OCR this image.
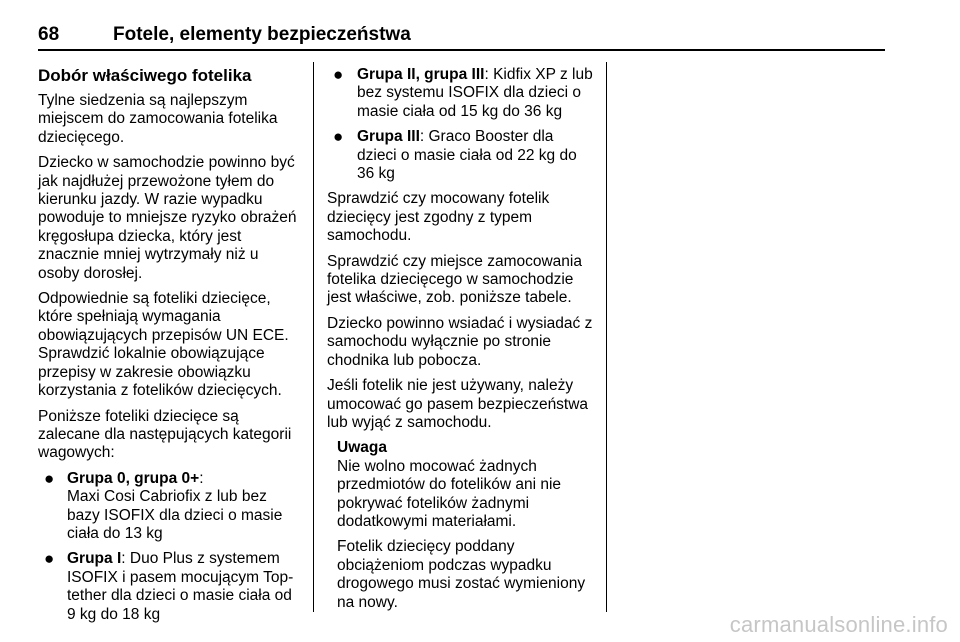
68	Fotele, elementy bezpieczeństwa
Dobór właściwego fotelika

Tylne siedzenia są najlepszym miejscem do zamocowania fotelika dziecięcego.

Dziecko w samochodzie powinno być jak najdłużej przewożone tyłem do kierunku jazdy. W razie wypadku powoduje to mniejsze ryzyko obrażeń kręgosłupa dziecka, który jest znacznie mniej wytrzymały niż u osoby dorosłej.

Odpowiednie są foteliki dziecięce, które spełniają wymagania obowiązujących przepisów UN ECE. Sprawdzić lokalnie obowiązujące przepisy w zakresie obowiązku korzystania z fotelików dziecięcych.

Poniższe foteliki dziecięce są zalecane dla następujących kategorii wagowych:

● Grupa 0, grupa 0+:
Maxi Cosi Cabriofix z lub bez bazy ISOFIX dla dzieci o masie ciała do 13 kg
● Grupa I: Duo Plus z systemem ISOFIX i pasem mocującym Top-tether dla dzieci o masie ciała od 9 kg do 18 kg
● Grupa II, grupa III: Kidfix XP z lub bez systemu ISOFIX dla dzieci o masie ciała od 15 kg do 36 kg
● Grupa III: Graco Booster dla dzieci o masie ciała od 22 kg do 36 kg

Sprawdzić czy mocowany fotelik dziecięcy jest zgodny z typem samochodu.

Sprawdzić czy miejsce zamocowania fotelika dziecięcego w samochodzie jest właściwe, zob. poniższe tabele.

Dziecko powinno wsiadać i wysiadać z samochodu wyłącznie po stronie chodnika lub pobocza.

Jeśli fotelik nie jest używany, należy umocować go pasem bezpieczeństwa lub wyjąć z samochodu.

Uwaga

Nie wolno mocować żadnych przedmiotów do fotelików ani nie pokrywać fotelików żadnymi dodatkowymi materiałami.

Fotelik dziecięcy poddany obciążeniom podczas wypadku drogowego musi zostać wymieniony na nowy.

carmanualsonline.info
